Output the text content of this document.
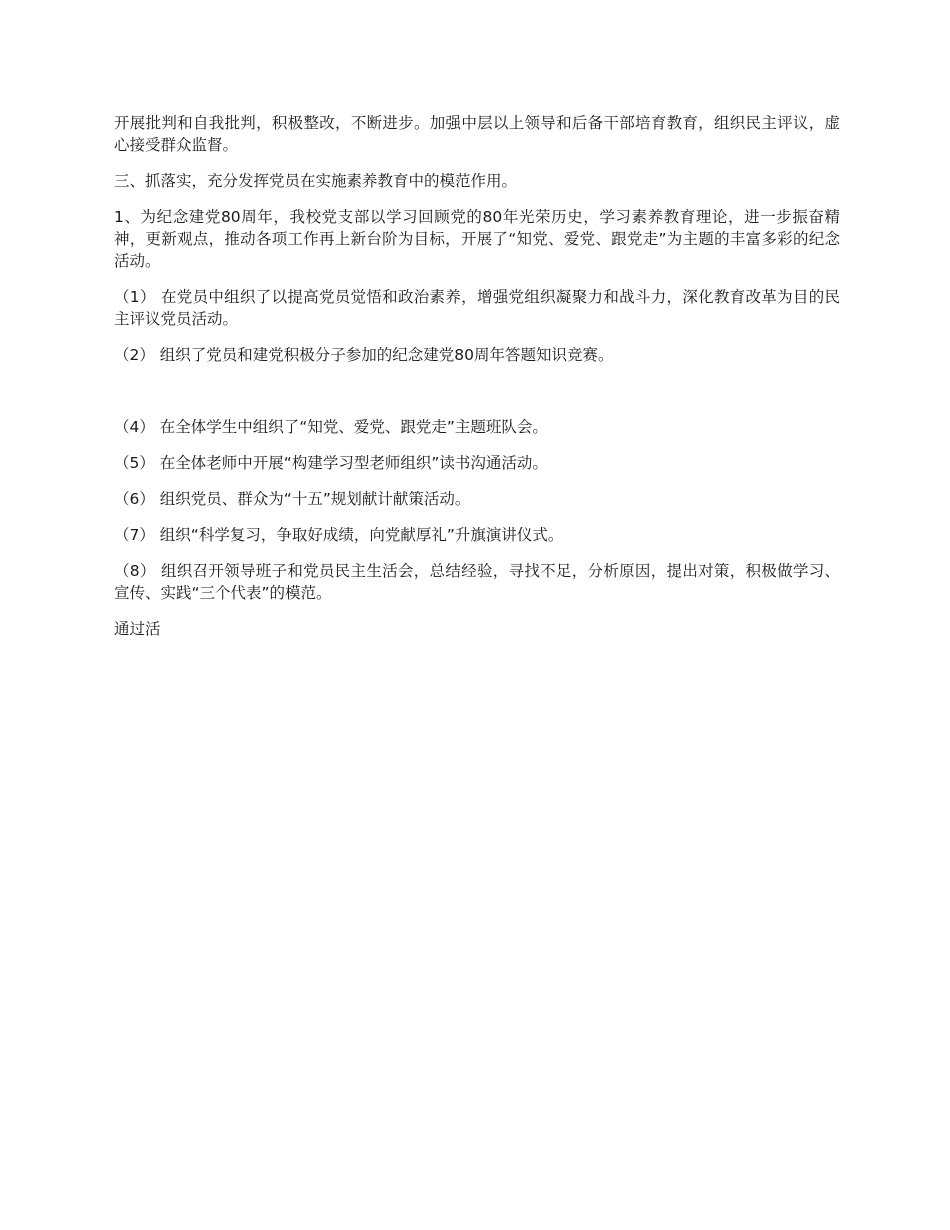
开展批判和自我批判，积极整改，不断进步。加强中层以上领导和后备干部培育教育，组织民主评议，虚心接受群众监督。

三、抓落实，充分发挥党员在实施素养教育中的模范作用。

1、为纪念建党80周年，我校党支部以学习回顾党的80年光荣历史，学习素养教育理论，进一步振奋精神，更新观点，推动各项工作再上新台阶为目标，开展了“知党、爱党、跟党走”为主题的丰富多彩的纪念活动。

（1） 在党员中组织了以提高党员觉悟和政治素养，增强党组织凝聚力和战斗力，深化教育改革为目的民主评议党员活动。

（2） 组织了党员和建党积极分子参加的纪念建党80周年答题知识竞赛。

（4） 在全体学生中组织了“知党、爱党、跟党走”主题班队会。

（5） 在全体老师中开展“构建学习型老师组织”读书沟通活动。

（6） 组织党员、群众为“十五”规划献计献策活动。

（7） 组织“科学复习，争取好成绩，向党献厚礼”升旗演讲仪式。

（8） 组织召开领导班子和党员民主生活会，总结经验，寻找不足，分析原因，提出对策，积极做学习、宣传、实践“三个代表”的模范。

通过活
